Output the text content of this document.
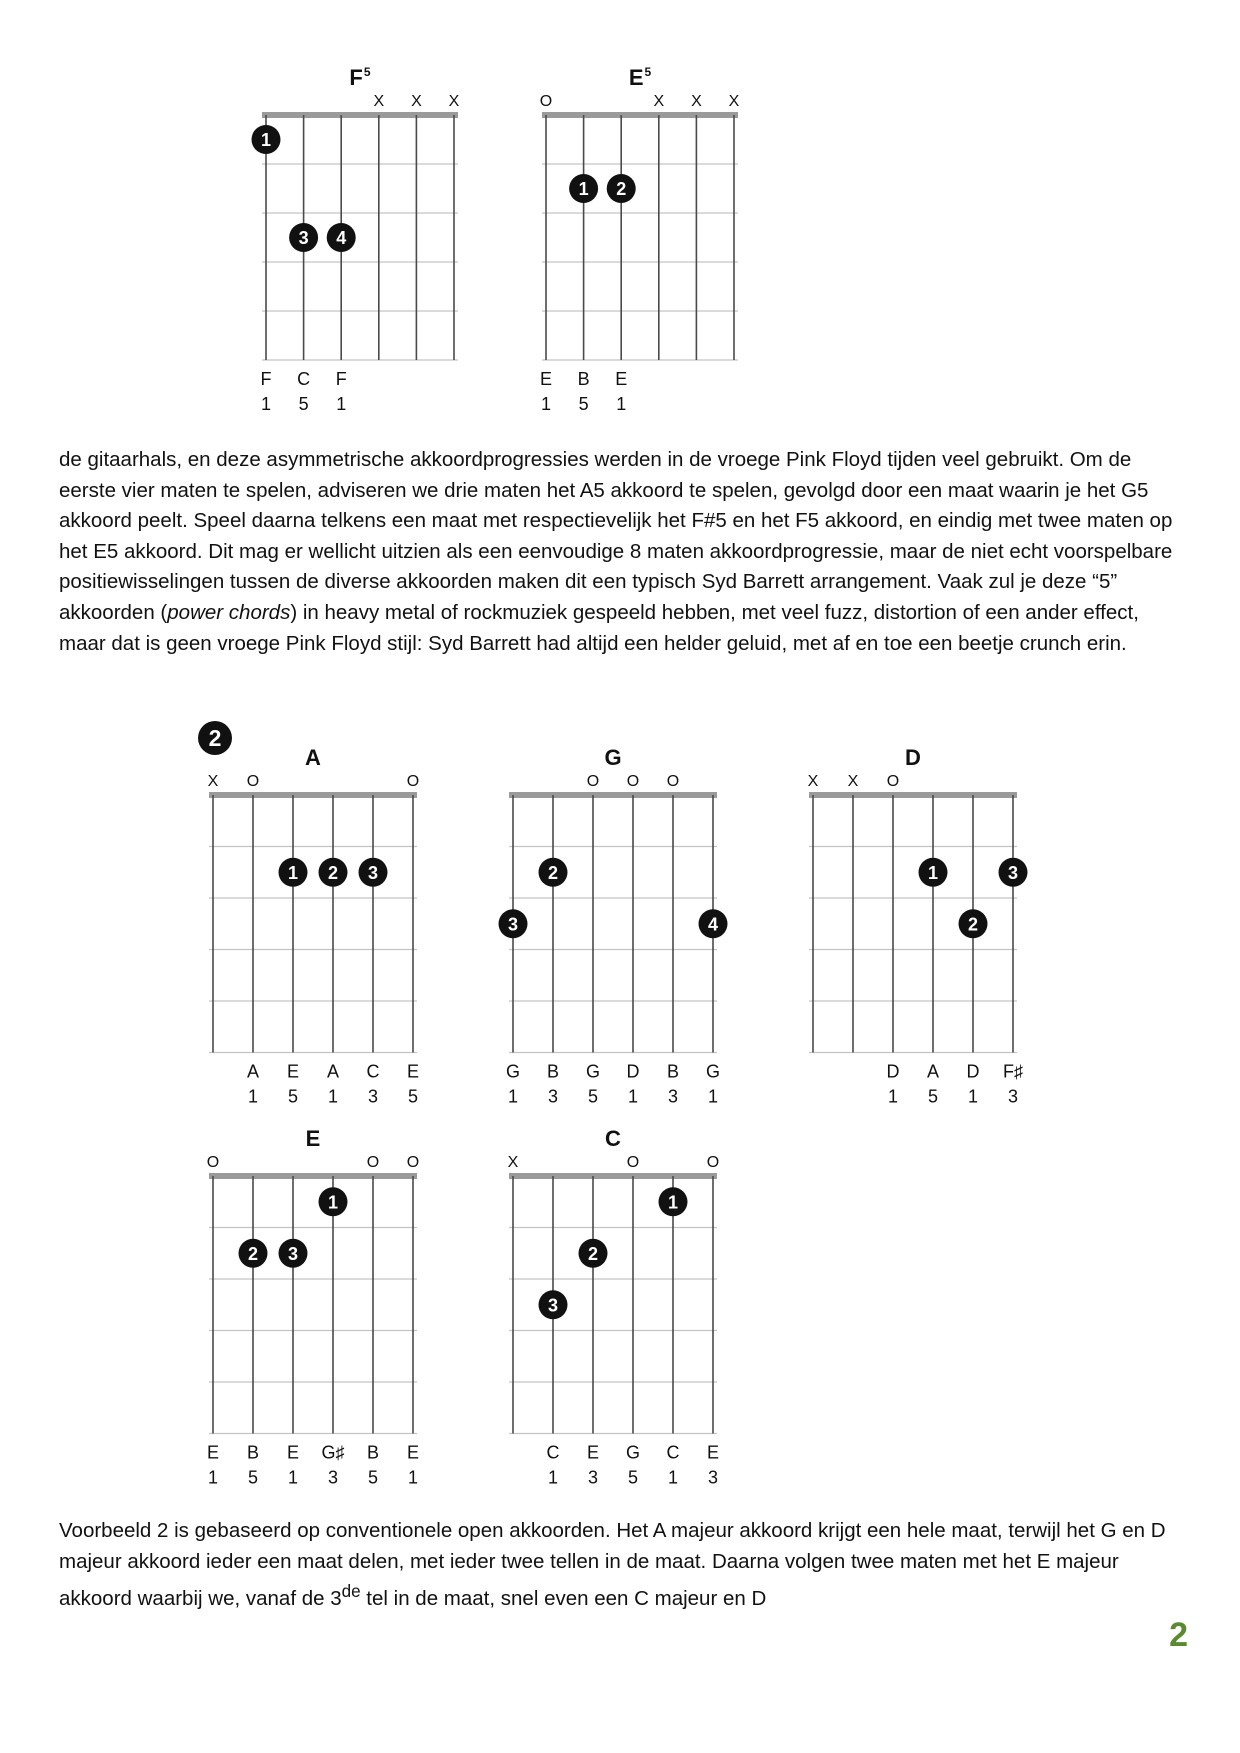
$F^5$
X X X
1
3 4
F C F
1 5 1
$E^5$
O	X X X
1 2
E B E
1 5 1
A
X O	O
1 2 3
A E A C E
1 5 1 3 5
G
O O O
2
3	4
G B G D B G
1 3 5 1 3 1
D
X X O
1	3
2
D A D F♯
1 5 1 3
E
O	O O
1
2 3
E B E G♯ B E
1 5 1 3 5 1
C
X	O	O
1
2
3
C E G C E
1 3 5 1 3
2

de gitaarhals, en deze asymmetrische akkoordprogressies werden in de vroege Pink Floyd tijden veel gebruikt. Om de eerste vier maten te spelen, adviseren we drie maten het A5 akkoord te spelen, gevolgd door een maat waarin je het G5 akkoord peelt. Speel daarna telkens een maat met respectievelijk het F#5 en het F5 akkoord, en eindig met twee maten op het E5 akkoord. Dit mag er wellicht uitzien als een eenvoudige 8 maten akkoordprogressie, maar de niet echt voorspelbare positiewisselingen tussen de diverse akkoorden maken dit een typisch Syd Barrett arrangement. Vaak zul je deze “5” akkoorden (power chords) in heavy metal of rockmuziek gespeeld hebben, met veel fuzz, distortion of een ander effect, maar dat is geen vroege Pink Floyd stijl: Syd Barrett had altijd een helder geluid, met af en toe een beetje crunch erin.

Voorbeeld 2 is gebaseerd op conventionele open akkoorden. Het A majeur akkoord krijgt een hele maat, terwijl het G en D majeur akkoord ieder een maat delen, met ieder twee tellen in de maat. Daarna volgen twee maten met het E majeur akkoord waarbij we, vanaf de 3de tel in de maat, snel even een C majeur en D

2
